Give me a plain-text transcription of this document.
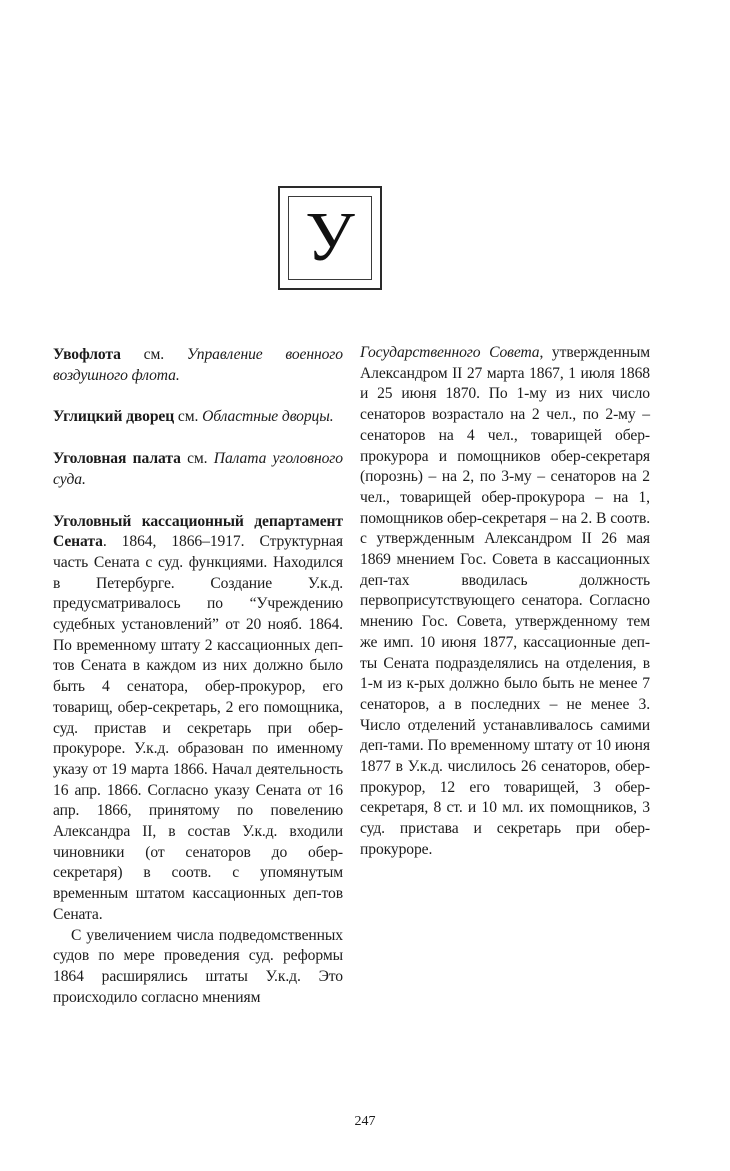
У

Увофлота см. Управление военного воздушного флота.

Углицкий дворец см. Областные дворцы.

Уголовная палата см. Палата уголовного суда.

Уголовный кассационный департамент Сената. 1864, 1866–1917. Структурная часть Сената с суд. функциями. Находился в Петербурге. Создание У.к.д. предусматривалось по “Учреждению судебных установлений” от 20 нояб. 1864. По временному штату 2 кассационных деп-тов Сената в каждом из них должно было быть 4 сенатора, обер-прокурор, его товарищ, обер-секретарь, 2 его помощника, суд. пристав и секретарь при обер-прокуроре. У.к.д. образован по именному указу от 19 марта 1866. Начал деятельность 16 апр. 1866. Согласно указу Сената от 16 апр. 1866, принятому по повелению Александра II, в состав У.к.д. входили чиновники (от сенаторов до обер-секретаря) в соотв. с упомянутым временным штатом кассационных деп-тов Сената.

С увеличением числа подведомственных судов по мере проведения суд. реформы 1864 расширялись штаты У.к.д. Это происходило согласно мнениям

Государственного Совета, утвержденным Александром II 27 марта 1867, 1 июля 1868 и 25 июня 1870. По 1-му из них число сенаторов возрастало на 2 чел., по 2-му – сенаторов на 4 чел., товарищей обер-прокурора и помощников обер-секретаря (порознь) – на 2, по 3-му – сенаторов на 2 чел., товарищей обер-прокурора – на 1, помощников обер-секретаря – на 2. В соотв. с утвержденным Александром II 26 мая 1869 мнением Гос. Совета в кассационных деп-тах вводилась должность первоприсутствующего сенатора. Согласно мнению Гос. Совета, утвержденному тем же имп. 10 июня 1877, кассационные деп-ты Сената подразделялись на отделения, в 1-м из к-рых должно было быть не менее 7 сенаторов, а в последних – не менее 3. Число отделений устанавливалось самими деп-тами. По временному штату от 10 июня 1877 в У.к.д. числилось 26 сенаторов, обер-прокурор, 12 его товарищей, 3 обер-секретаря, 8 ст. и 10 мл. их помощников, 3 суд. пристава и секретарь при обер-прокуроре.

247
